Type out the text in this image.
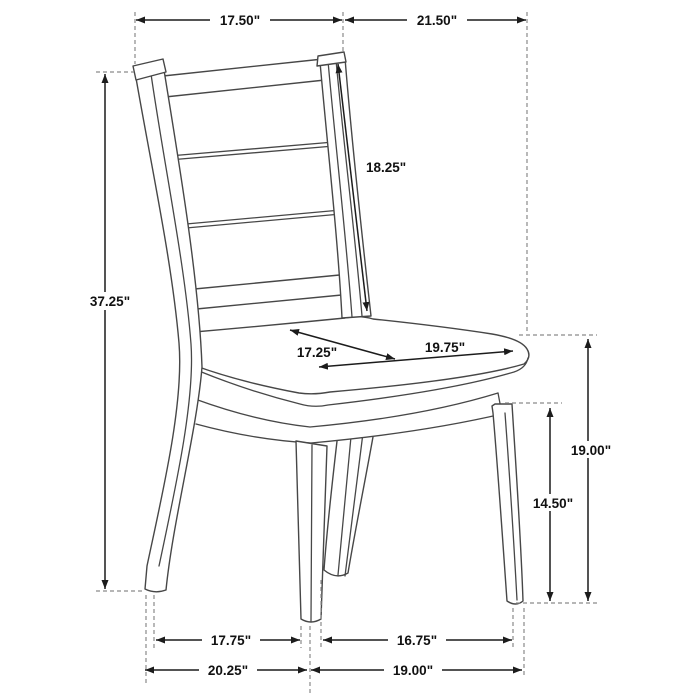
17.50"	21.50"
37.25"
18.25"
17.25"	19.75"
19.00"
14.50"
17.75"	16.75"
20.25"	19.00"
